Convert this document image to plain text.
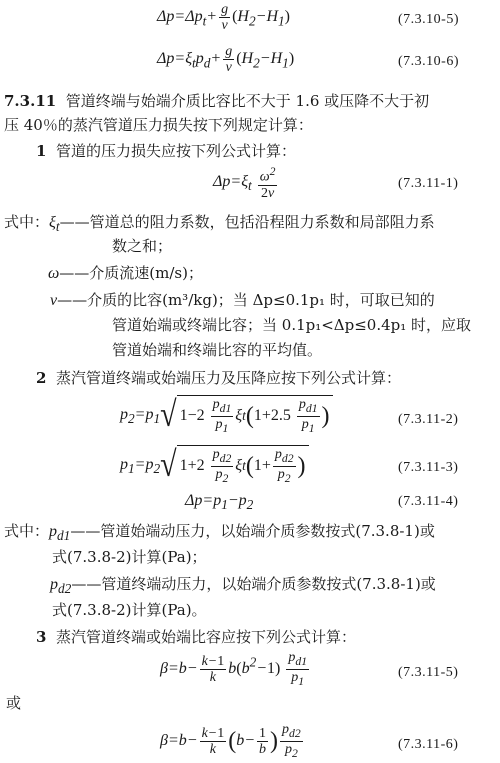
$\Delta p=\Delta p_t+ \frac{g}{\nu} (H_2-H_1)$	(7.3.10-5)
$\Delta p=\xi_tp_d+ \frac{g}{\nu} (H_2-H_1)$	(7.3.10-6)
7.3.11 管道终端与始端介质比容比不大于 1.6 或压降不大于初
压 40％的蒸汽管道压力损失按下列规定计算：
1 管道的压力损失应按下列公式计算：
$\Delta p=\xi_t \frac{\omega^2}{2\nu}$	(7.3.11-1)
式中：$\xi_t——$管道总的阻力系数，包括沿程阻力系数和局部阻力系
数之和；
ω——介质流速(m/s)；
ν——介质的比容(m³/kg)；当 Δp≤0.1p₁ 时，可取已知的
管道始端或终端比容；当 0.1p₁<Δp≤0.4p₁ 时，应取
管道始端和终端比容的平均值。
2 蒸汽管道终端或始端压力及压降应按下列公式计算：
$p_2=p_1$ √ 1−2
$\frac{p_{d1}}{p_1}$ ξ t ( 1+2.5
$\frac{p_{d1}}{p_1}$ )	(7.3.11-2)
$p_1=p_2$ √ 1+2
$\frac{p_{d2}}{p_2}$ ξ t ( $1+ \frac{p_{d2}}{p_2}$ )	(7.3.11-3)
$\Delta p=p_1-p_2$	(7.3.11-4)
式中：$p_{d1}——$管道始端动压力，以始端介质参数按式(7.3.8-1)或
式(7.3.8-2)计算(Pa)；
$p_{d2}——$管道终端动压力，以始端介质参数按式(7.3.8-1)或
式(7.3.8-2)计算(Pa)。
3 蒸汽管道终端或始端比容应按下列公式计算：
$\beta=b- \frac{k-1}{k} b(b^2-1) \frac{p_{d1}}{p_1}$	(7.3.11-5)
或
$\beta=b- \frac{k-1}{k} (b- \frac{1}{b}$ ) $\frac{p_{d2}}{p_2}$	(7.3.11-6)
